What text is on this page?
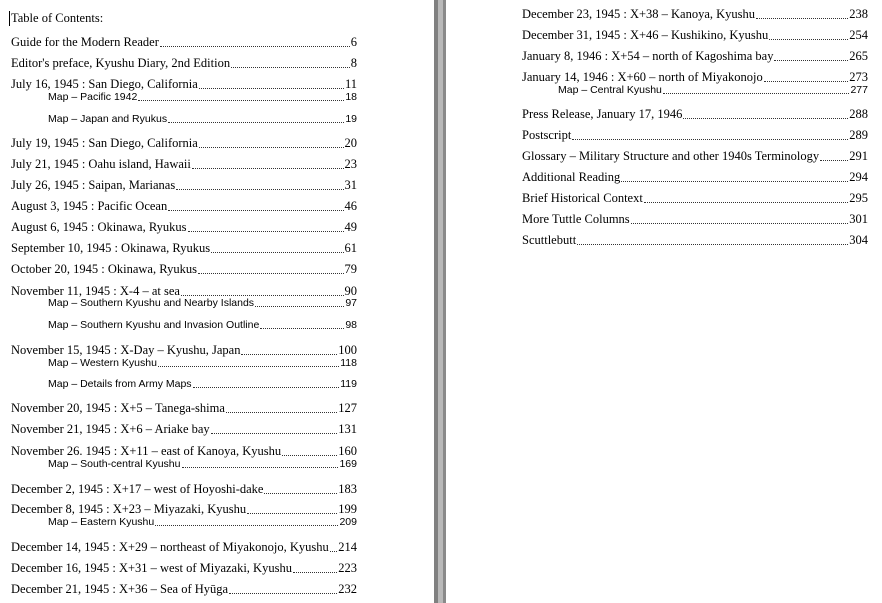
Table of Contents:
Guide for the Modern Reader	6
Editor's preface, Kyushu Diary, 2nd Edition	8
July 16, 1945 : San Diego, California	11
Map – Pacific 1942	18
Map – Japan and Ryukus	19
July 19, 1945 : San Diego, California	20
July 21, 1945 : Oahu island, Hawaii	23
July 26, 1945 : Saipan, Marianas	31
August 3, 1945 : Pacific Ocean	46
August 6, 1945 : Okinawa, Ryukus	49
September 10, 1945 : Okinawa, Ryukus	61
October 20, 1945 : Okinawa, Ryukus	79
November 11, 1945 : X-4 – at sea	90
Map – Southern Kyushu and Nearby Islands	97
Map – Southern Kyushu and Invasion Outline	98
November 15, 1945 : X-Day – Kyushu, Japan	100
Map – Western Kyushu	118
Map – Details from Army Maps	119
November 20, 1945 : X+5 – Tanega-shima	127
November 21, 1945 : X+6 – Ariake bay	131
November 26. 1945 : X+11 – east of Kanoya, Kyushu	160
Map – South-central Kyushu	169
December 2, 1945 : X+17 – west of Hoyoshi-dake	183
December 8, 1945 : X+23 – Miyazaki, Kyushu	199
Map – Eastern Kyushu	209
December 14, 1945 : X+29 – northeast of Miyakonojo, Kyushu 214
December 16, 1945 : X+31 – west of Miyazaki, Kyushu	223
December 21, 1945 : X+36 – Sea of Hyūga	232
December 23, 1945 : X+38 – Kanoya, Kyushu	238
December 31, 1945 : X+46 – Kushikino, Kyushu	254
January 8, 1946 : X+54 – north of Kagoshima bay	265
January 14, 1946 : X+60 – north of Miyakonojo	273
Map – Central Kyushu	277
Press Release, January 17, 1946	288
Postscript	289
Glossary – Military Structure and other 1940s Terminology 291
Additional Reading	294
Brief Historical Context	295
More Tuttle Columns	301
Scuttlebutt	304
